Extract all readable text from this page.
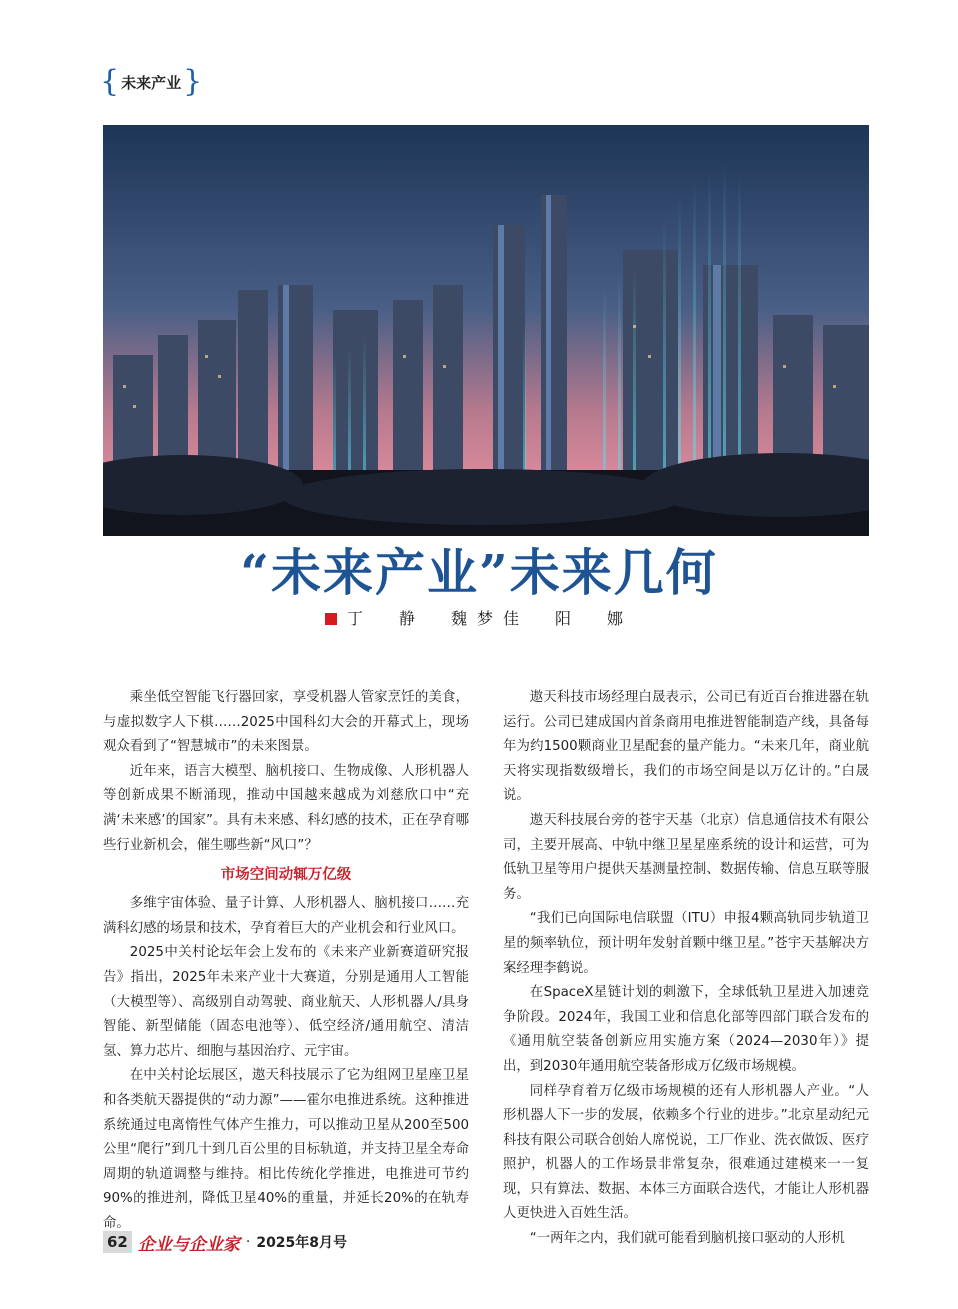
{ 未来产业 }
“未来产业”未来几何
丁　静　魏梦佳　阳　娜

乘坐低空智能飞行器回家，享受机器人管家烹饪的美食，与虚拟数字人下棋……2025中国科幻大会的开幕式上，现场观众看到了“智慧城市”的未来图景。

近年来，语言大模型、脑机接口、生物成像、人形机器人等创新成果不断涌现，推动中国越来越成为刘慈欣口中“充满‘未来感’的国家”。具有未来感、科幻感的技术，正在孕育哪些行业新机会，催生哪些新“风口”？

市场空间动辄万亿级

多维宇宙体验、量子计算、人形机器人、脑机接口……充满科幻感的场景和技术，孕育着巨大的产业机会和行业风口。

2025中关村论坛年会上发布的《未来产业新赛道研究报告》指出，2025年未来产业十大赛道，分别是通用人工智能（大模型等）、高级别自动驾驶、商业航天、人形机器人/具身智能、新型储能（固态电池等）、低空经济/通用航空、清洁氢、算力芯片、细胞与基因治疗、元宇宙。

在中关村论坛展区，遨天科技展示了它为组网卫星座卫星和各类航天器提供的“动力源”——霍尔电推进系统。这种推进系统通过电离惰性气体产生推力，可以推动卫星从200至500公里“爬行”到几十到几百公里的目标轨道，并支持卫星全寿命周期的轨道调整与维持。相比传统化学推进，电推进可节约90%的推进剂，降低卫星40%的重量，并延长20%的在轨寿命。

遨天科技市场经理白晟表示，公司已有近百台推进器在轨运行。公司已建成国内首条商用电推进智能制造产线，具备每年为约1500颗商业卫星配套的量产能力。“未来几年，商业航天将实现指数级增长，我们的市场空间是以万亿计的。”白晟说。

遨天科技展台旁的苍宇天基（北京）信息通信技术有限公司，主要开展高、中轨中继卫星星座系统的设计和运营，可为低轨卫星等用户提供天基测量控制、数据传输、信息互联等服务。

“我们已向国际电信联盟（ITU）申报4颗高轨同步轨道卫星的频率轨位，预计明年发射首颗中继卫星。”苍宇天基解决方案经理李鹤说。

在SpaceX星链计划的刺激下，全球低轨卫星进入加速竞争阶段。2024年，我国工业和信息化部等四部门联合发布的《通用航空装备创新应用实施方案（2024—2030年）》提出，到2030年通用航空装备形成万亿级市场规模。

同样孕育着万亿级市场规模的还有人形机器人产业。“人形机器人下一步的发展，依赖多个行业的进步。”北京星动纪元科技有限公司联合创始人席悦说，工厂作业、洗衣做饭、医疗照护，机器人的工作场景非常复杂，很难通过建模来一一复现，只有算法、数据、本体三方面联合迭代，才能让人形机器人更快进入百姓生活。

“一两年之内，我们就可能看到脑机接口驱动的人形机

62 企业与企业家 · 2025年8月号
